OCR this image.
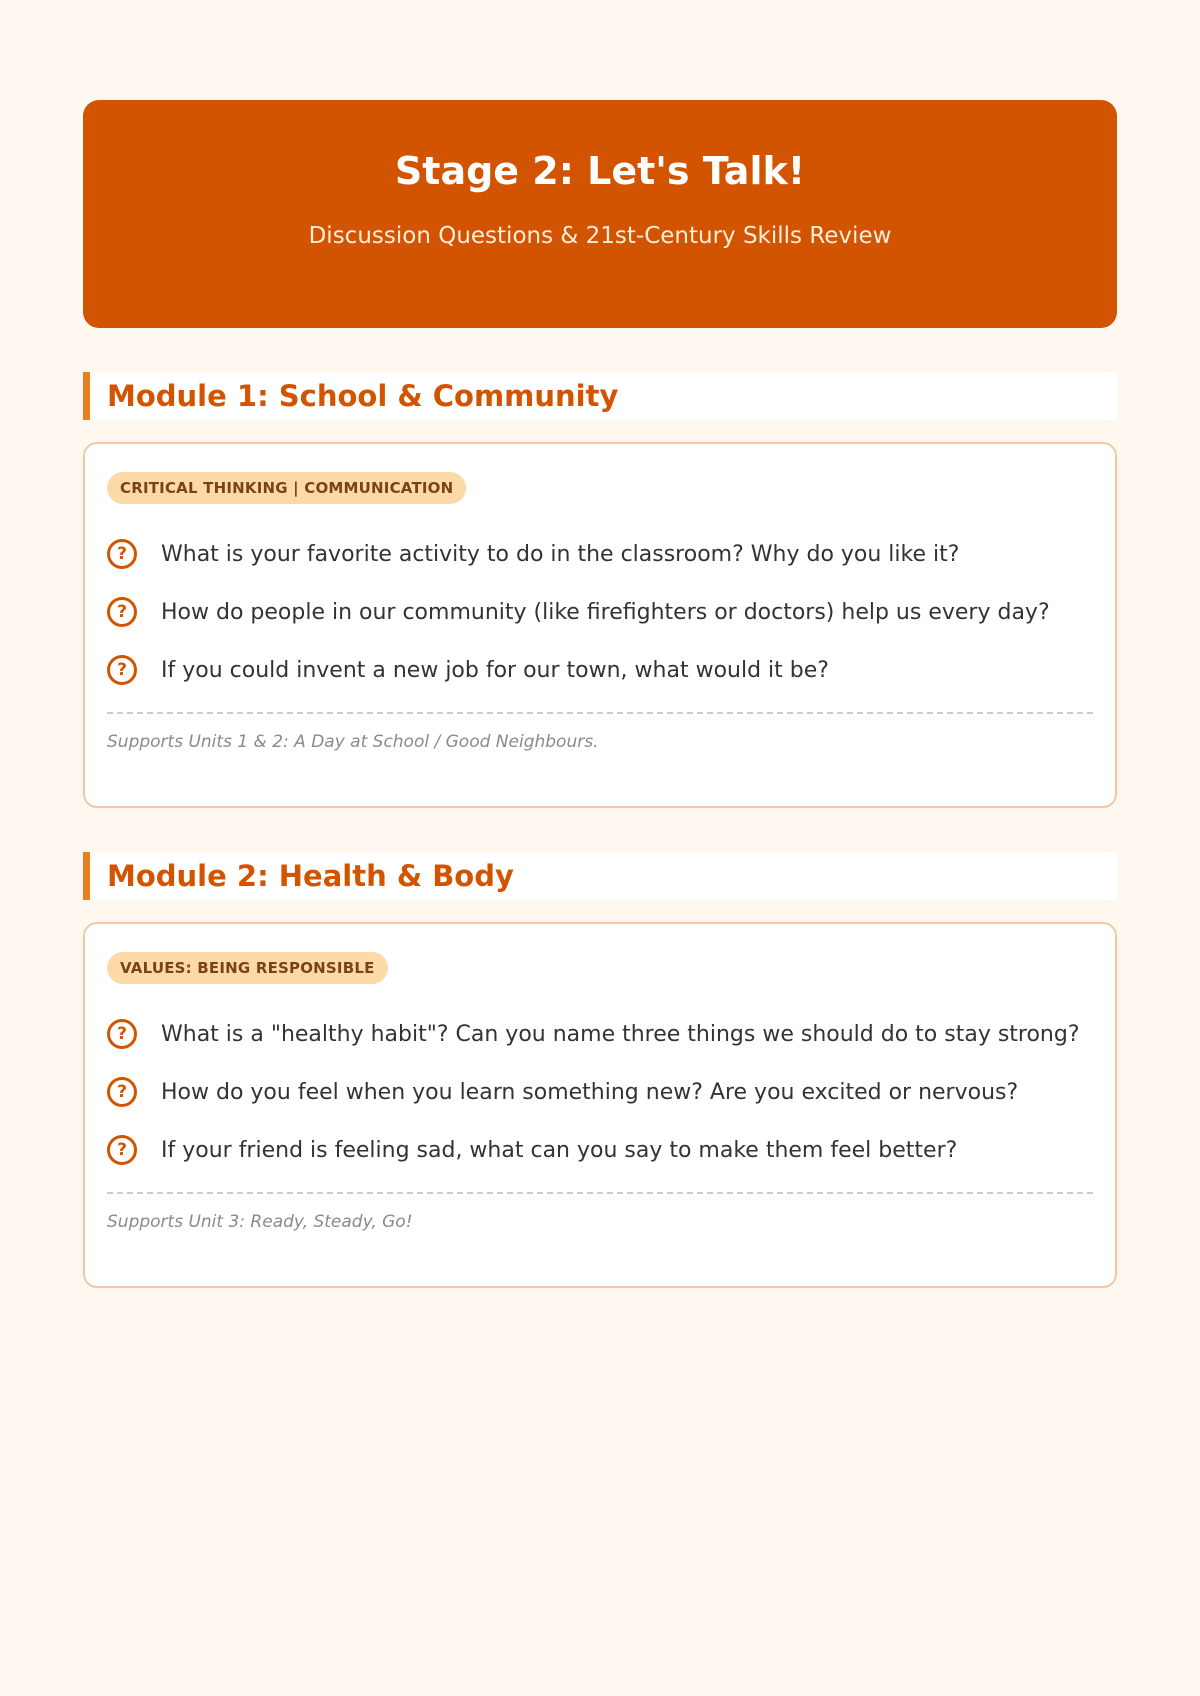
Stage 2: Let's Talk!
Discussion Questions & 21st-Century Skills Review
Module 1: School & Community
CRITICAL THINKING | COMMUNICATION
?	What is your favorite activity to do in the classroom? Why do you like it?
?	How do people in our community (like firefighters or doctors) help us every day?
?	If you could invent a new job for our town, what would it be?
Supports Units 1 & 2: A Day at School / Good Neighbours.
Module 2: Health & Body
VALUES: BEING RESPONSIBLE
?	What is a "healthy habit"? Can you name three things we should do to stay strong?
?	How do you feel when you learn something new? Are you excited or nervous?
?	If your friend is feeling sad, what can you say to make them feel better?
Supports Unit 3: Ready, Steady, Go!
